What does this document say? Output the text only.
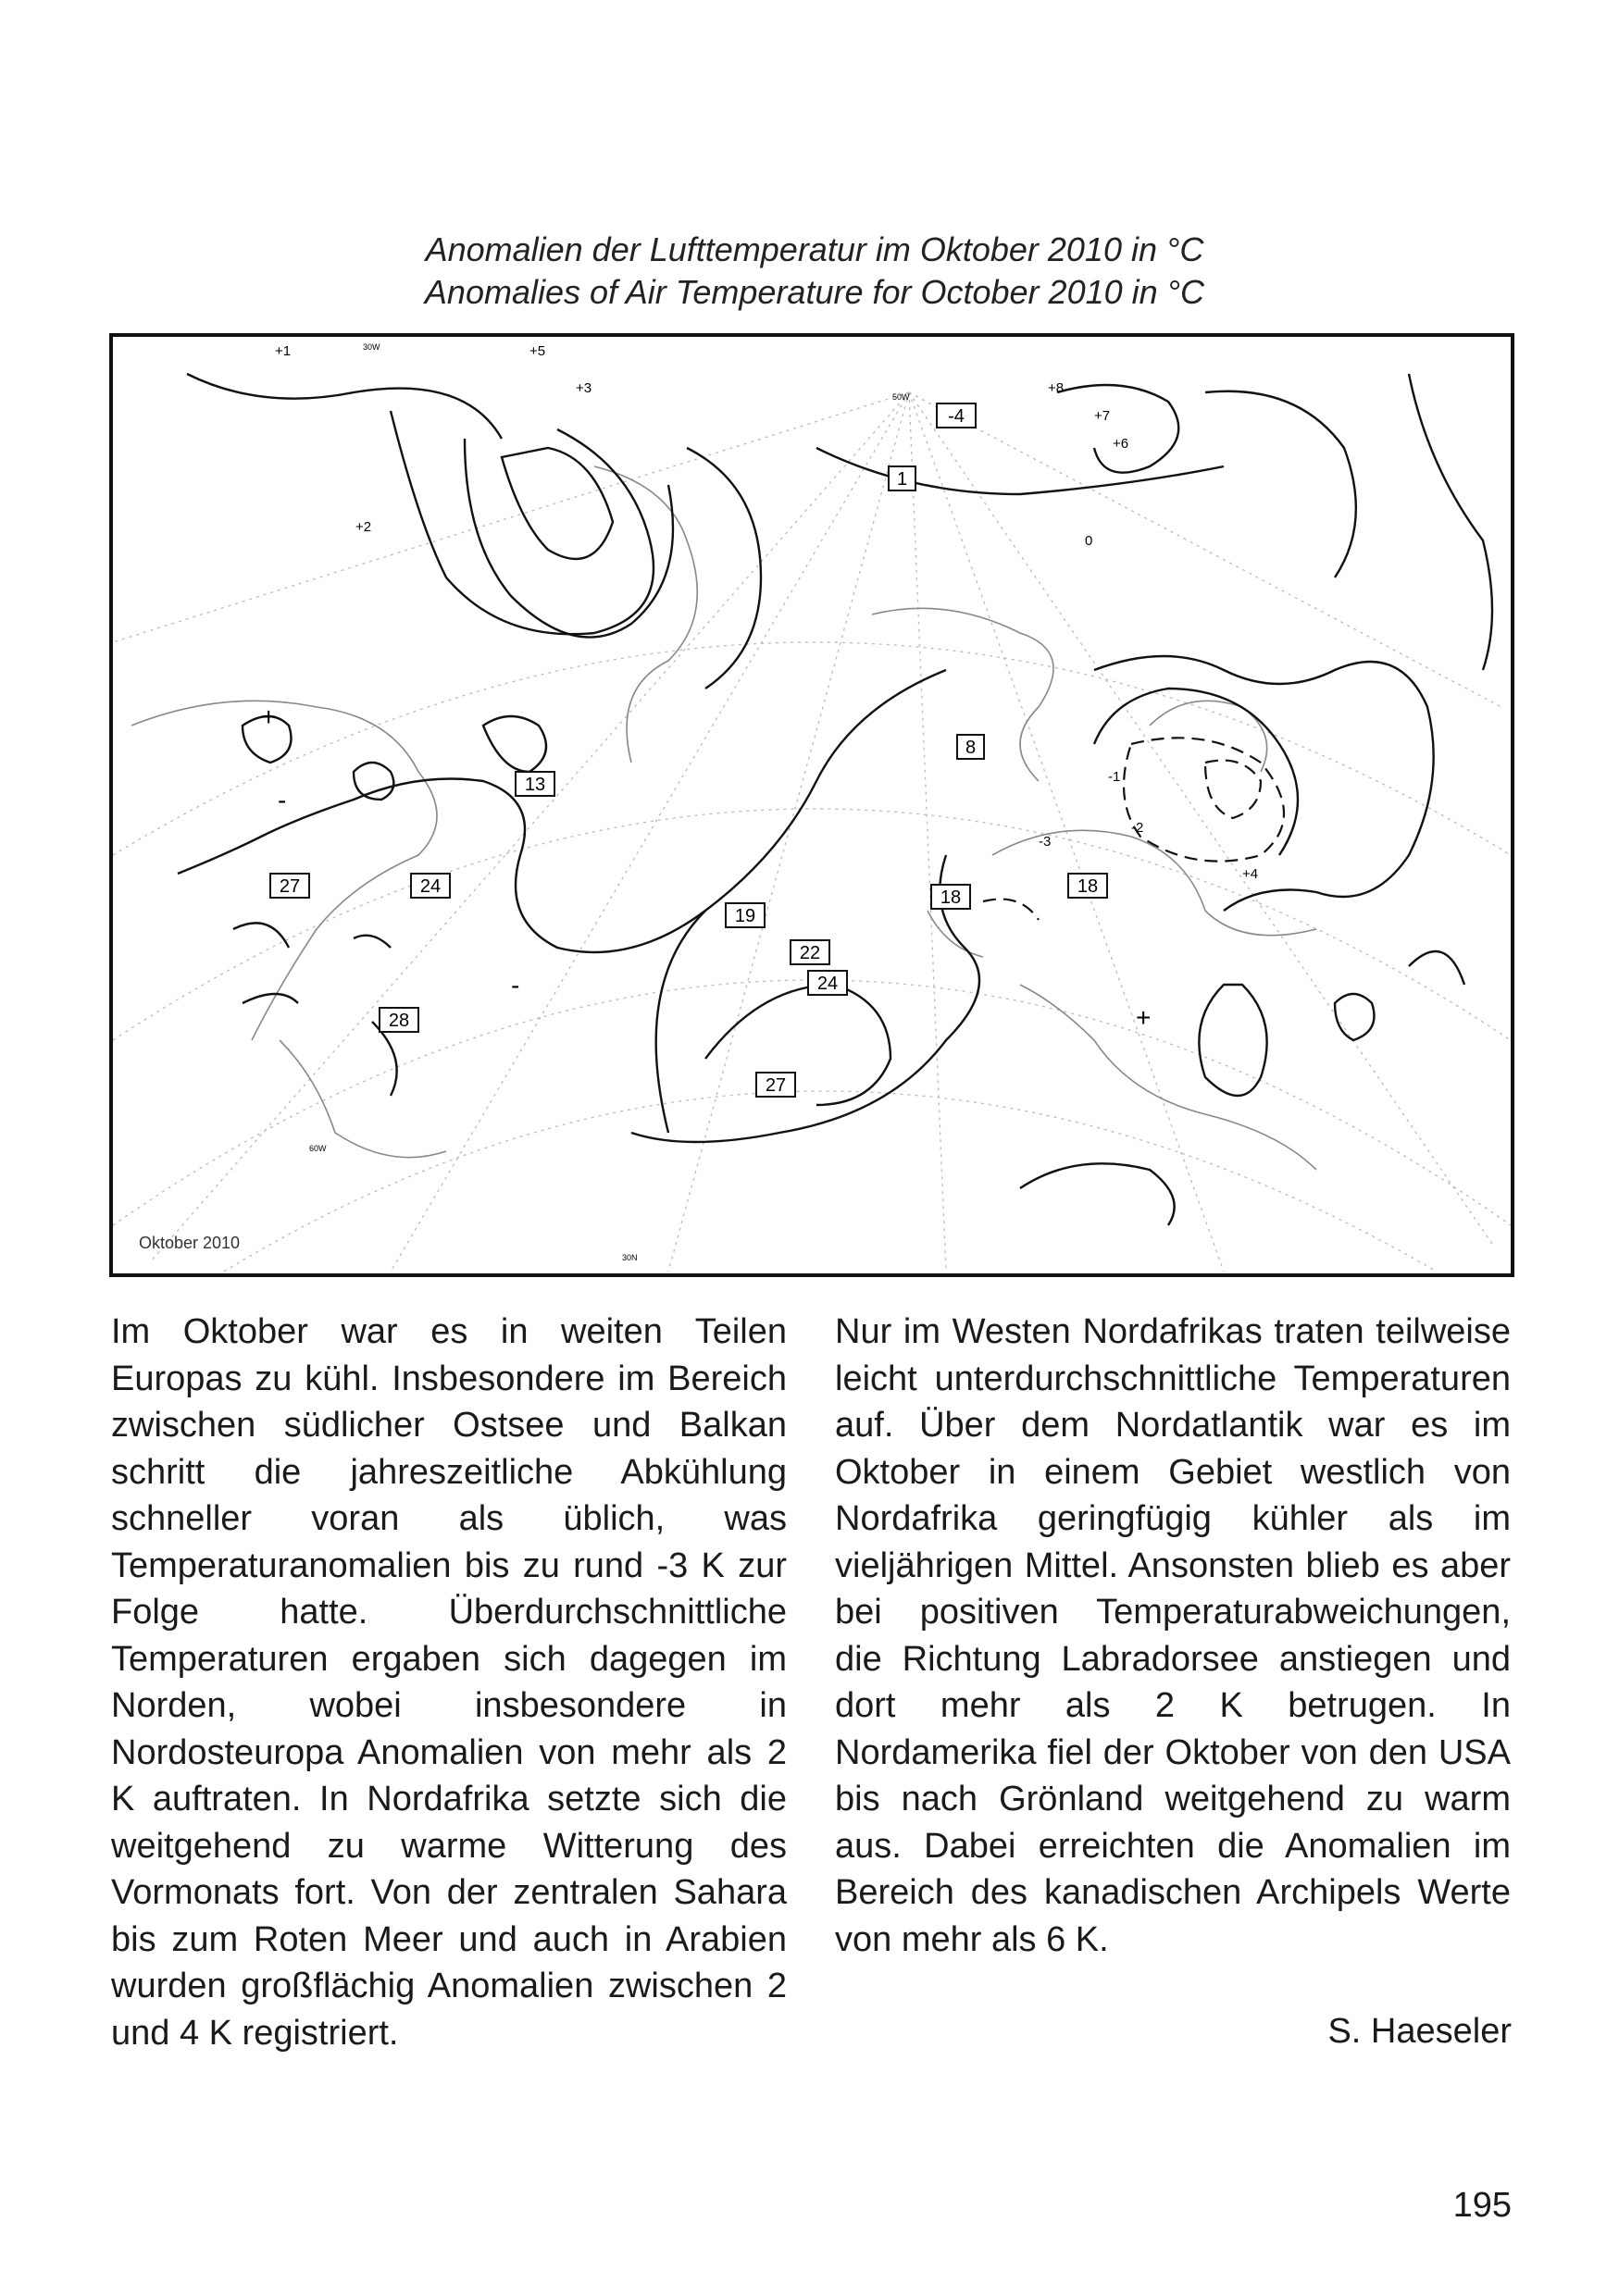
Anomalien der Lufttemperatur im Oktober 2010 in °C
Anomalies of Air Temperature for October 2010 in °C
13
27	24
28
19
22
24
27
1
-4
8
18
18
0
+1
+2
+3
+4
+5
+6
+7
+8
-1
-2
-3
+
-
+
-
30N
30W
50W
60W
Oktober 2010
Im Oktober war es in weiten Teilen Europas zu kühl. Insbesondere im Bereich zwischen südlicher Ostsee und Balkan schritt die jahreszeitliche Abkühlung schneller voran als üblich, was Temperaturanomalien bis zu rund -3 K zur Folge hatte. Überdurchschnittliche Temperaturen ergaben sich dagegen im Norden, wobei insbesondere in Nordosteuropa Anomalien von mehr als 2 K auftraten. In Nordafrika setzte sich die weitgehend zu warme Witterung des Vormonats fort. Von der zentralen Sahara bis zum Roten Meer und auch in Arabien wurden großflächig Anomalien zwischen 2 und 4 K registriert.
Nur im Westen Nordafrikas traten teilweise leicht unterdurchschnittliche Temperaturen auf. Über dem Nordatlantik war es im Oktober in einem Gebiet westlich von Nordafrika geringfügig kühler als im vieljährigen Mittel. Ansonsten blieb es aber bei positiven Temperaturabweichungen, die Richtung Labradorsee anstiegen und dort mehr als 2 K betrugen. In Nordamerika fiel der Oktober von den USA bis nach Grönland weitgehend zu warm aus. Dabei erreichten die Anomalien im Bereich des kanadischen Archipels Werte von mehr als 6 K.
S. Haeseler
195
